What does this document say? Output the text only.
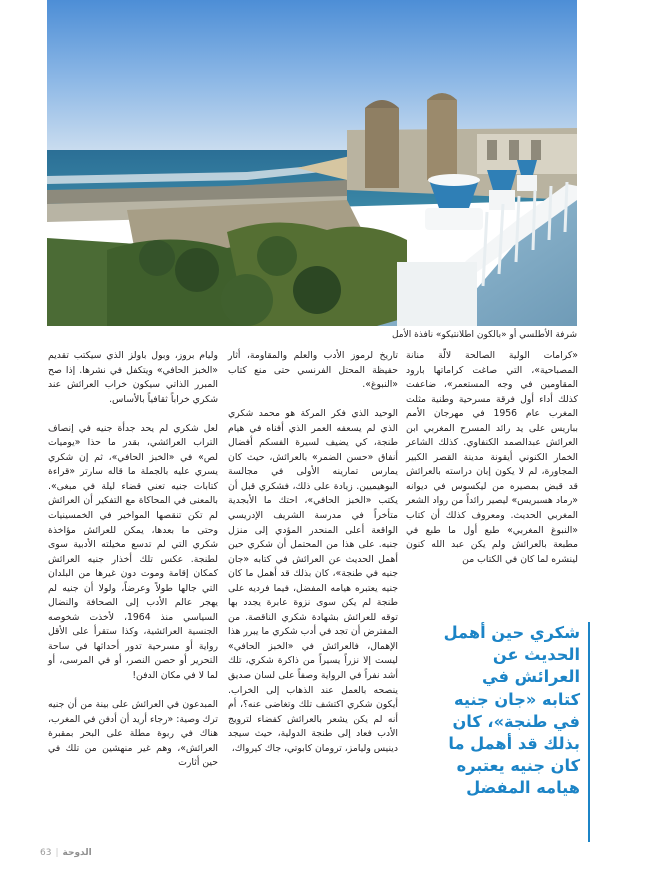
شرفة الأطلسي أو «بالكون اطلانتيكو» نافذة الأمل

«كرامات الولية الصالحة لالّة منانة المصباحية»، التي صاغت كراماتها بارود المقاومين في وجه المستعمر»، ضاعفت كذلك أداء أول فرقة مسرحية وطنية مثلت المغرب عام 1956 في مهرجان الأمم بباريس على يد رائد المسرح المغربي ابن العرائش عبدالصمد الكنفاوي. كذلك الشاعر الخمار الكنوني أيقونة مدينة القصر الكبير المجاورة، لم لا يكون إبان دراسته بالعرائش قد قبض بمصيره من ليكسوس في ديوانه «رماد هسبريس» ليصير رائداً من رواد الشعر المغربي الحديث. ومعروف كذلك أن كتاب «النبوغ المغربي» طبع أول ما طبع في مطبعة بالعرائش ولم يكن عبد الله كنون لينشره لما كان في الكتاب من

تاريخ لرموز الأدب والعلم والمقاومة، أثار حفيظة المحتل الفرنسي حتى منع كتاب «النبوغ».

الوحيد الذي فكر المركة هو محمد شكري الذي لم يسعفه العمر الذي أفناه في هيام طنجة، كي يضيف لسيرة الفسكم أفضال أنفاق «حسن الضمر» بالعرائش، حيث كان يمارس تمارينه الأولى في مجالسة البوهيميين. زيادة على ذلك، فشكري قبل أن يكتب «الخبز الحافي»، احتك ما الأبجدية متأخراً في مدرسة الشريف الإدريسي الواقعة أعلى المنحدر المؤدي إلى منزل جنيه. على هذا من المحتمل أن شكري حين أهمل الحديث عن العرائش في كتابه «جان جنيه في طنجة»، كان بذلك قد أهمل ما كان جنيه يعتبره هيامه المفضل، فيما فرديه على طنجة لم يكن سوى نزوة عابرة يجدد بها توقه للعرائش بشهادة شكري الناقصة. من المفترض أن تجد في أدب شكري ما يبرر هذا الإهمال، فالعرائش في «الخبز الحافي» ليست إلا نزراً يسيراً من ذاكرة شكري، تلك أشد نفراً في الرواية وصفاً على لسان صديق ينصحه بالعمل عند الذهاب إلى الخراب. أيكون شكري اكتشف تلك وتغاضى عنه؟، أم أنه لم يكن يشعر بالعرائش كفضاء لترويج الأدب فعاد إلى طنجة الدولية، حيث سيجد دينيس وليامز، ترومان كابوتي، جاك كيرواك،

وليام بروز، وبول باولز الذي سيكتب تقديم «الخبز الحافي» ويتكفل في نشرها. إذا صح المبرر الذاتي سيكون خراب العرائش عند شكري خراباً ثقافياً بالأساس.

لعل شكري لم يحد جدأة جنيه في إنصاف التراب العرائشي، بقدر ما حذا «يوميات لص» في «الخبز الحافي»، ثم إن شكري يسري عليه بالجملة ما قاله سارتر «قراءة كتابات جنيه تعني قضاء ليلة في مبغى». بالمعنى في المحاكاة مع التفكير أن العرائش لم تكن تنقصها المواخير في الخمسينيات وحتى ما بعدها، يمكن للعرائش مؤاخذة شكري التي لم تدسع مخيلته الأدبية سوى لطنجة. عكس تلك أخذار جنيه العرائش كمكان إقامة وموت دون غيرها من البلدان التي جالها طولاً وعرضاً، ولولا أن جنيه لم يهجر عالم الأدب إلى الصحافة والنضال السياسي منذ 1964، لأخذت شخوصه الجنسية العرائشية، وكذا ستقرأ على الأقل رواية أو مسرحية تدور أحداثها في ساحة التحرير أو حصن النصر، أو في المرسى، أو لما لا في مكان الدفن!

المبدعون في العرائش على بينة من أن جنيه ترك وصية: «رجاء أريد أن أدفن في المغرب، هناك في ربوة مطلة على البحر بمقبرة العرائش»، وهم غير منهشين من تلك في حين أثارت

شكري حين أهمل الحديث عن العرائش في كتابه «جان جنيه في طنجة»، كان بذلك قد أهمل ما كان جنيه يعتبره هيامه المفضل
63 | الدوحة
